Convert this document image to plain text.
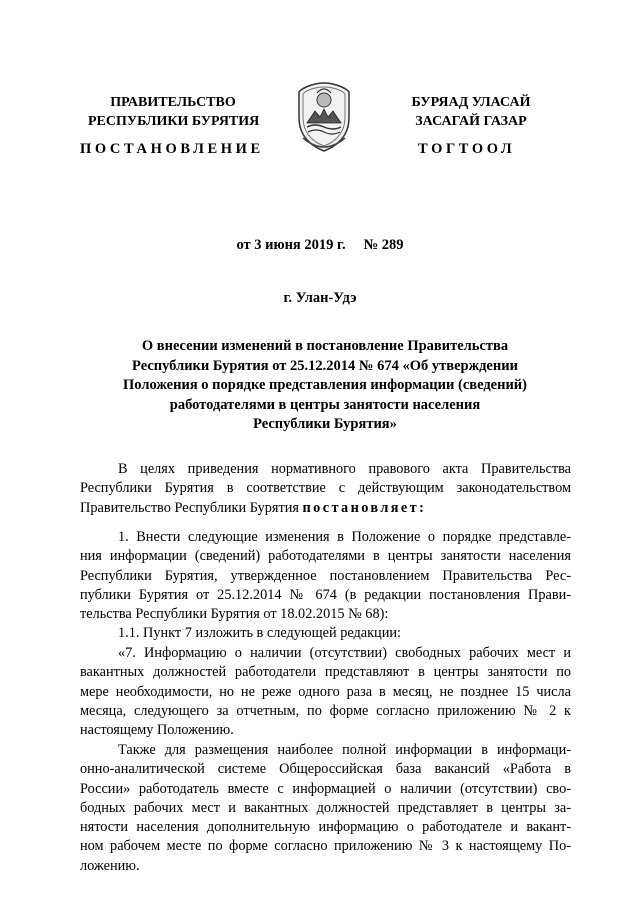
ПРАВИТЕЛЬСТВО
РЕСПУБЛИКИ БУРЯТИЯ
БУРЯАД УЛАСАЙ
ЗАСАГАЙ ГАЗАР
ПОСТАНОВЛЕНИЕ	ТОГТООЛ
от 3 июня 2019 г. № 289
г. Улан-Удэ
О внесении изменений в постановление Правительства
Республики Бурятия от 25.12.2014 № 674 «Об утверждении
Положения о порядке представления информации (сведений)
работодателями в центры занятости населения
Республики Бурятия»
В целях приведения нормативного правового акта Правительства
Республики Бурятия в соответствие с действующим законодательством
Правительство Республики Бурятия постановляет:
1. Внести следующие изменения в Положение о порядке представле-
ния информации (сведений) работодателями в центры занятости населения
Республики Бурятия, утвержденное постановлением Правительства Рес-
публики Бурятия от 25.12.2014 № 674 (в редакции постановления Прави-
тельства Республики Бурятия от 18.02.2015 № 68):
1.1. Пункт 7 изложить в следующей редакции:
«7. Информацию о наличии (отсутствии) свободных рабочих мест и
вакантных должностей работодатели представляют в центры занятости по
мере необходимости, но не реже одного раза в месяц, не позднее 15 числа
месяца, следующего за отчетным, по форме согласно приложению № 2 к
настоящему Положению.
Также для размещения наиболее полной информации в информаци-
онно-аналитической системе Общероссийская база вакансий «Работа в
России» работодатель вместе с информацией о наличии (отсутствии) сво-
бодных рабочих мест и вакантных должностей представляет в центры за-
нятости населения дополнительную информацию о работодателе и вакант-
ном рабочем месте по форме согласно приложению № 3 к настоящему По-
ложению.
